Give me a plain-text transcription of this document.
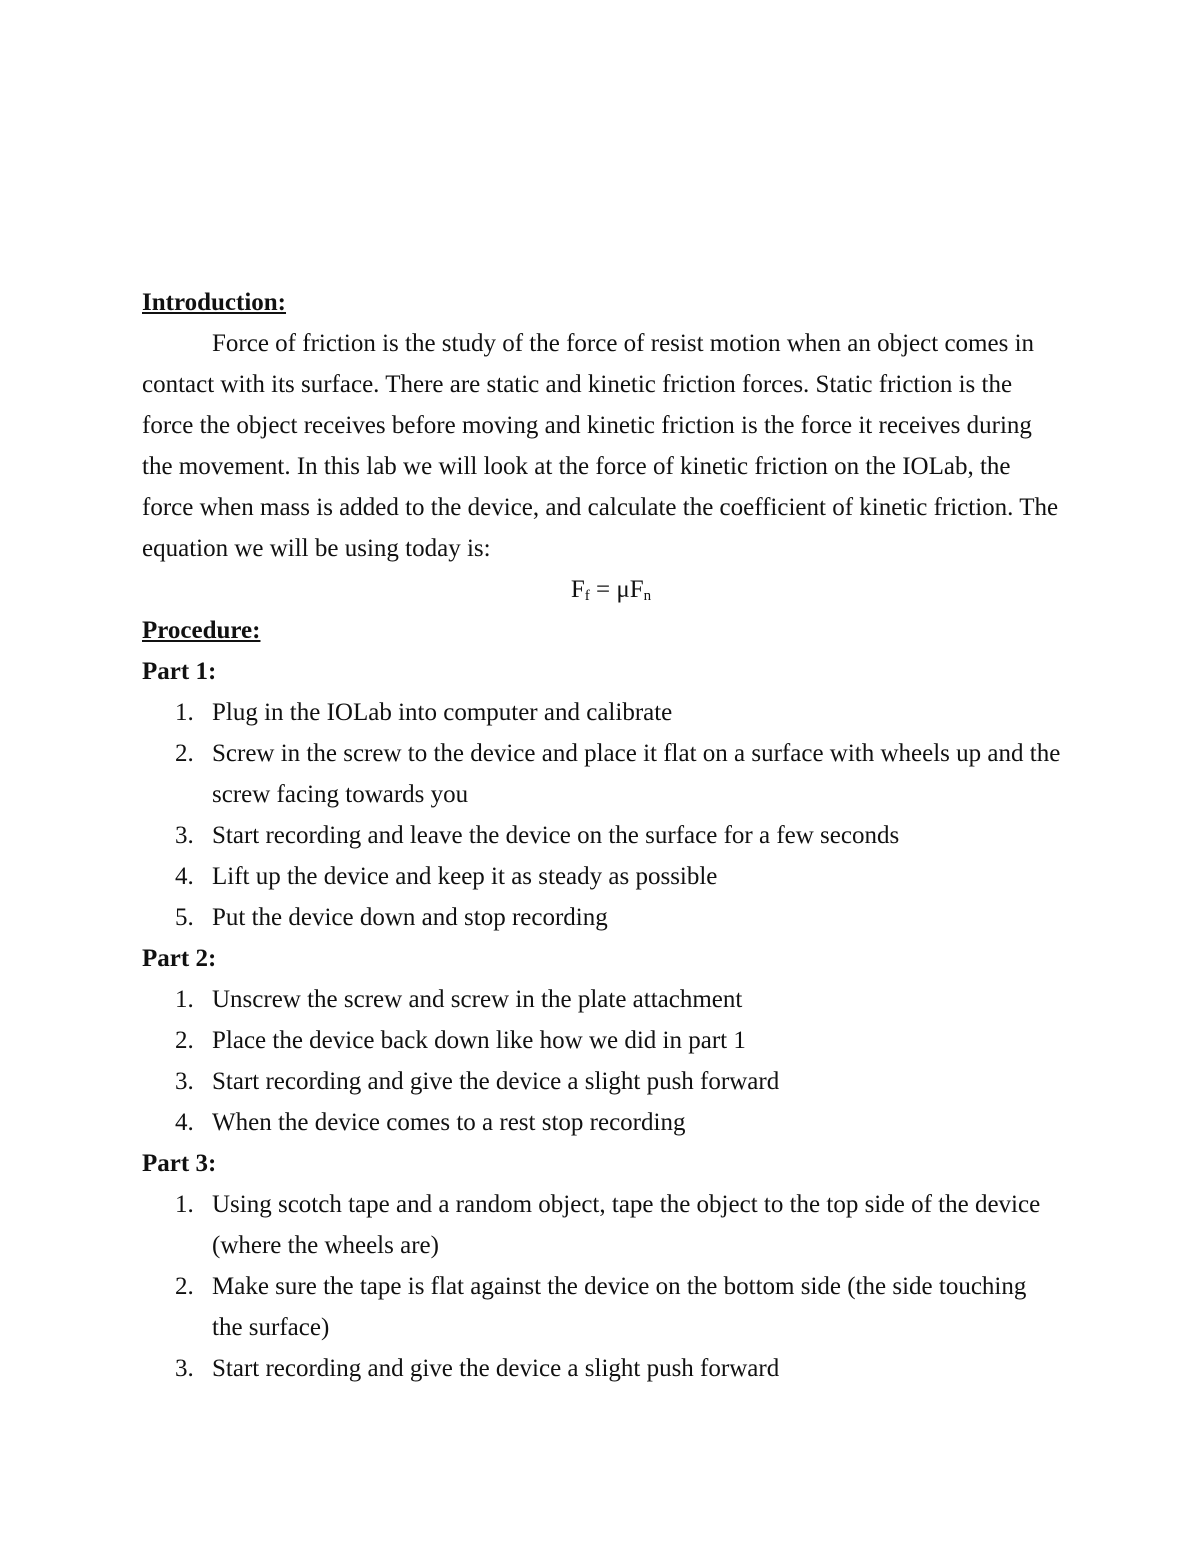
Introduction:

Force of friction is the study of the force of resist motion when an object comes in contact with its surface. There are static and kinetic friction forces. Static friction is the force the object receives before moving and kinetic friction is the force it receives during the movement. In this lab we will look at the force of kinetic friction on the IOLab, the force when mass is added to the device, and calculate the coefficient of kinetic friction. The equation we will be using today is:

$F_f = \mu F_n$

Procedure:

Part 1:

1. Plug in the IOLab into computer and calibrate
2. Screw in the screw to the device and place it flat on a surface with wheels up and the screw facing towards you
3. Start recording and leave the device on the surface for a few seconds
4. Lift up the device and keep it as steady as possible
5. Put the device down and stop recording

Part 2:

1. Unscrew the screw and screw in the plate attachment
2. Place the device back down like how we did in part 1
3. Start recording and give the device a slight push forward
4. When the device comes to a rest stop recording

Part 3:

1. Using scotch tape and a random object, tape the object to the top side of the device (where the wheels are)
2. Make sure the tape is flat against the device on the bottom side (the side touching the surface)
3. Start recording and give the device a slight push forward
